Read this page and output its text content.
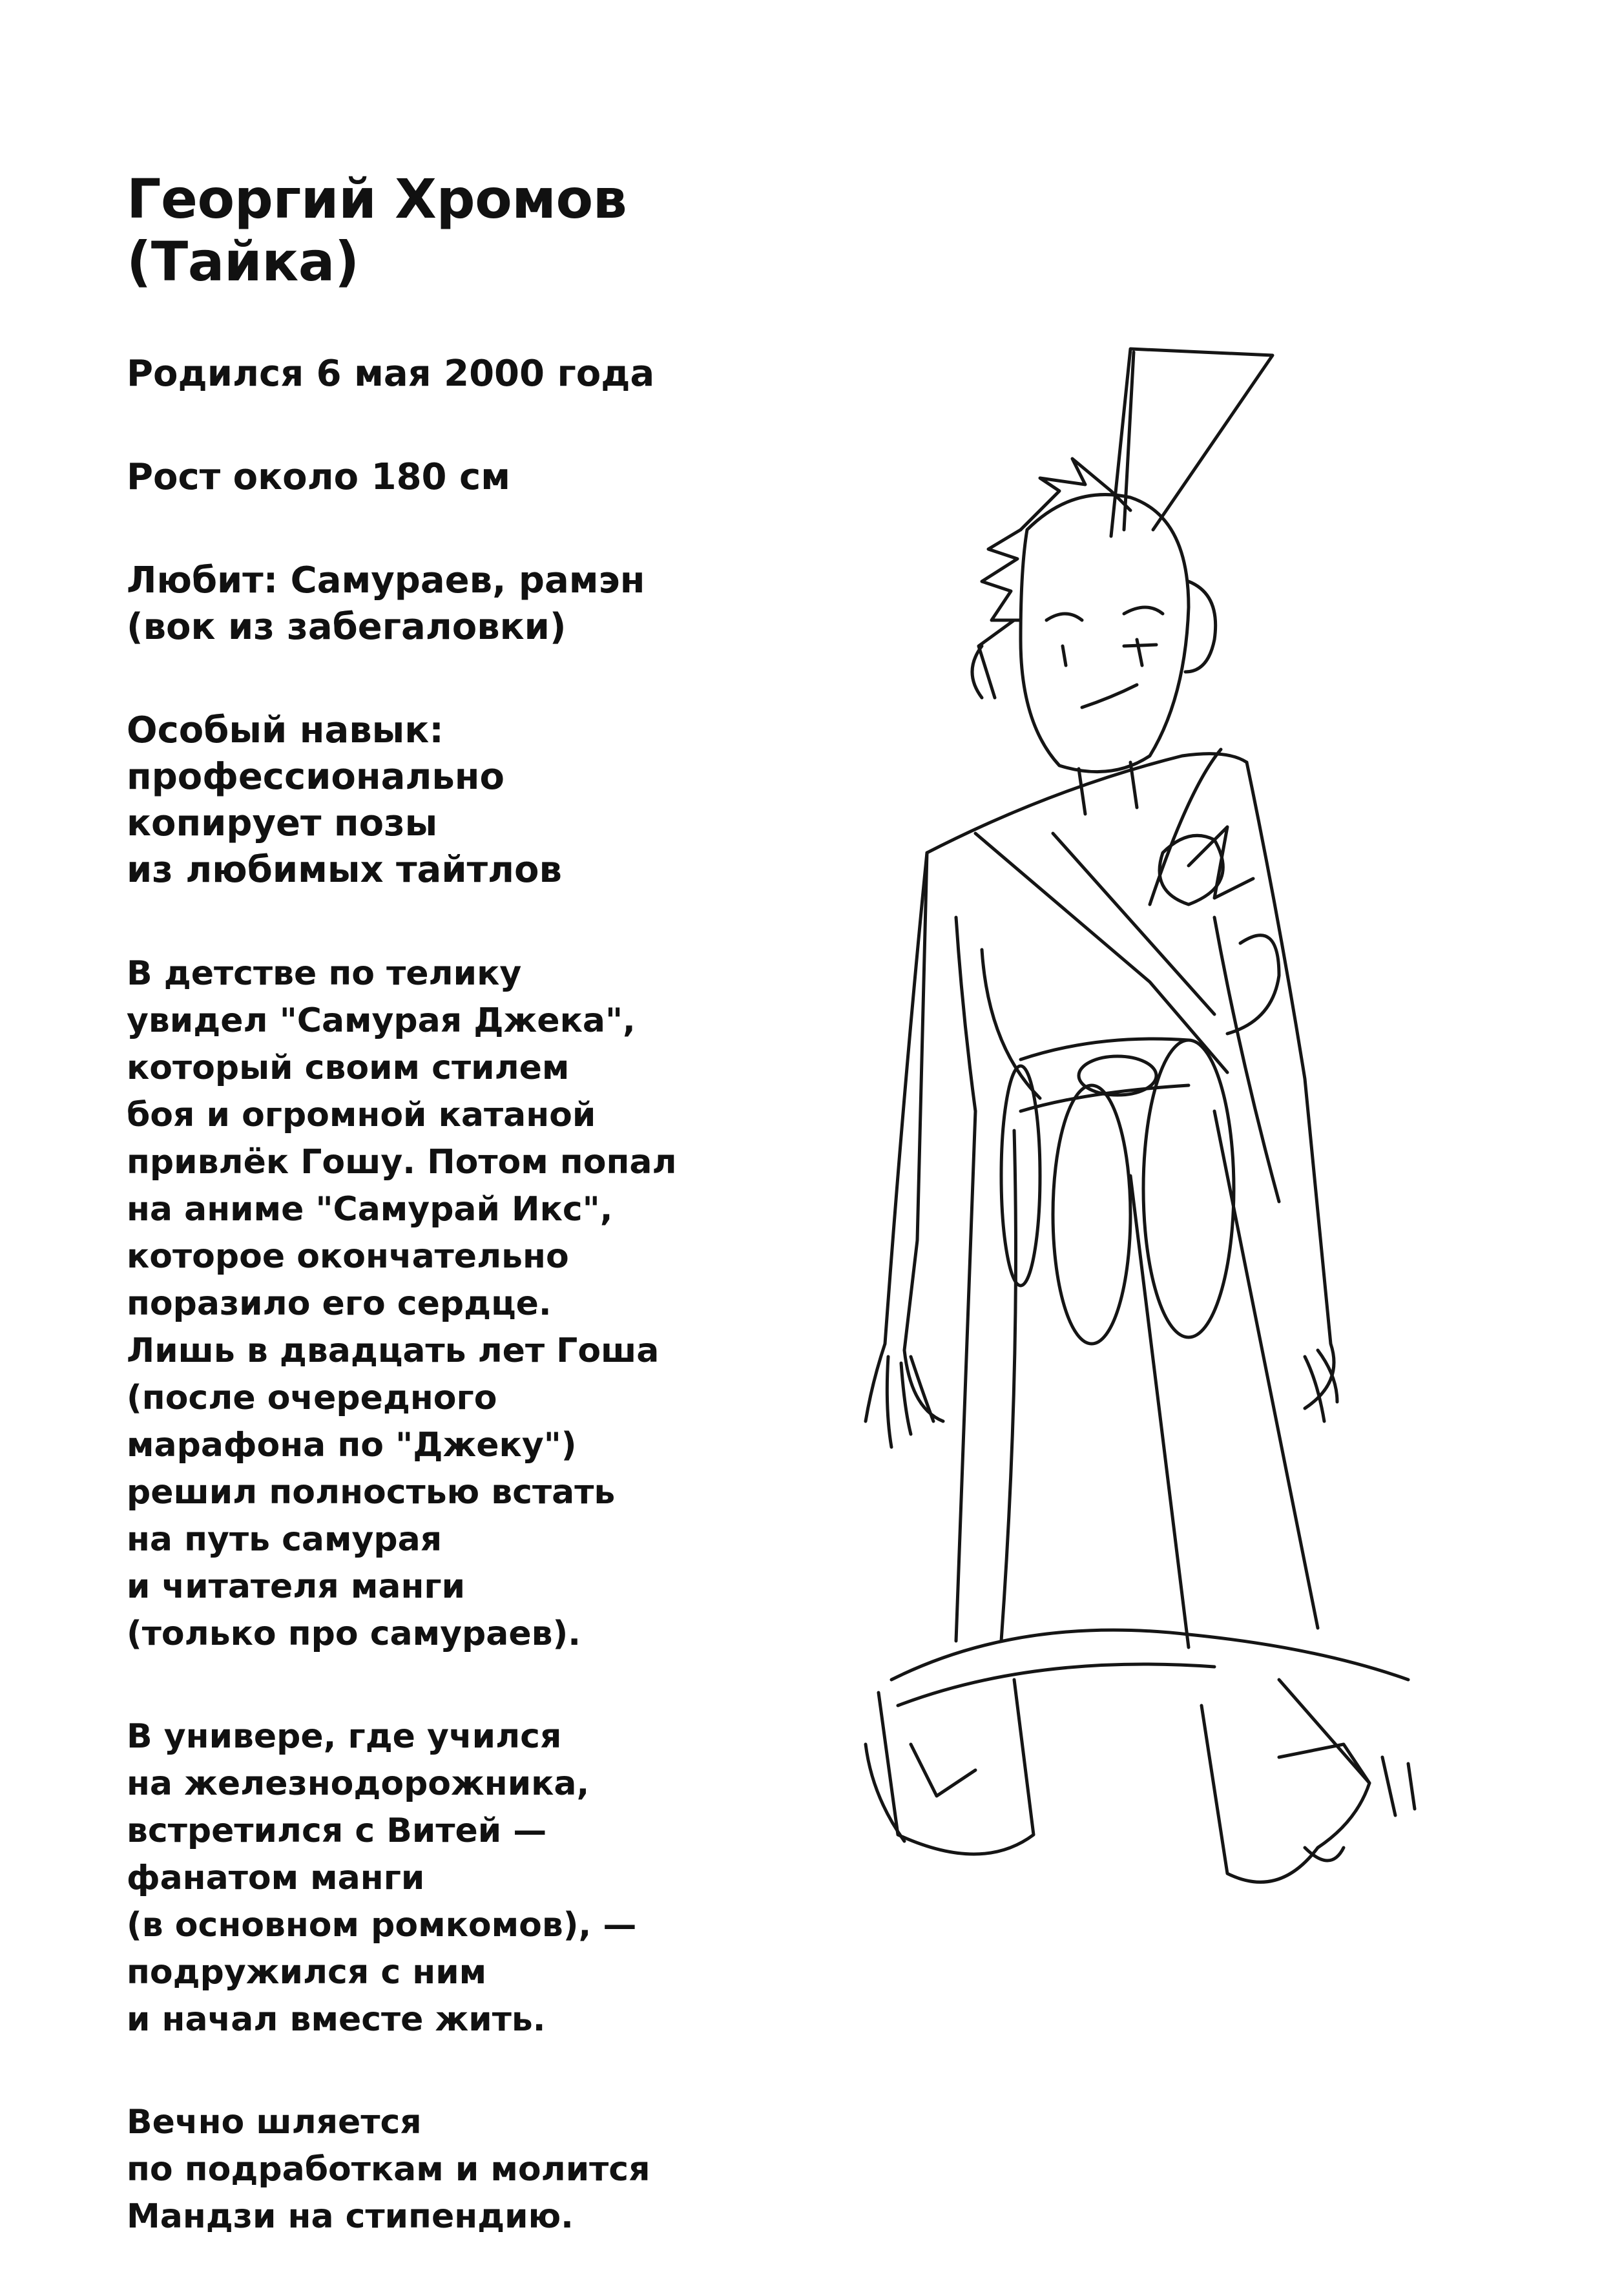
Георгий Хромов (Тайка)
Родился 6 мая 2000 года
Рост около 180 см
Любит: Самураев, рамэн
(вок из забегаловки)
Особый навык:
профессионально
копирует позы
из любимых тайтлов
В детстве по телику
увидел "Самурая Джека",
который своим стилем
боя и огромной катаной
привлёк Гошу. Потом попал
на аниме "Самурай Икс",
которое окончательно
поразило его сердце.
Лишь в двадцать лет Гоша
(после очередного
марафона по "Джеку")
решил полностью встать
на путь самурая
и читателя манги
(только про самураев).
В универе, где учился
на железнодорожника,
встретился с Витей —
фанатом манги
(в основном ромкомов), —
подружился с ним
и начал вместе жить.
Вечно шляется
по подработкам и молится
Мандзи на стипендию.
